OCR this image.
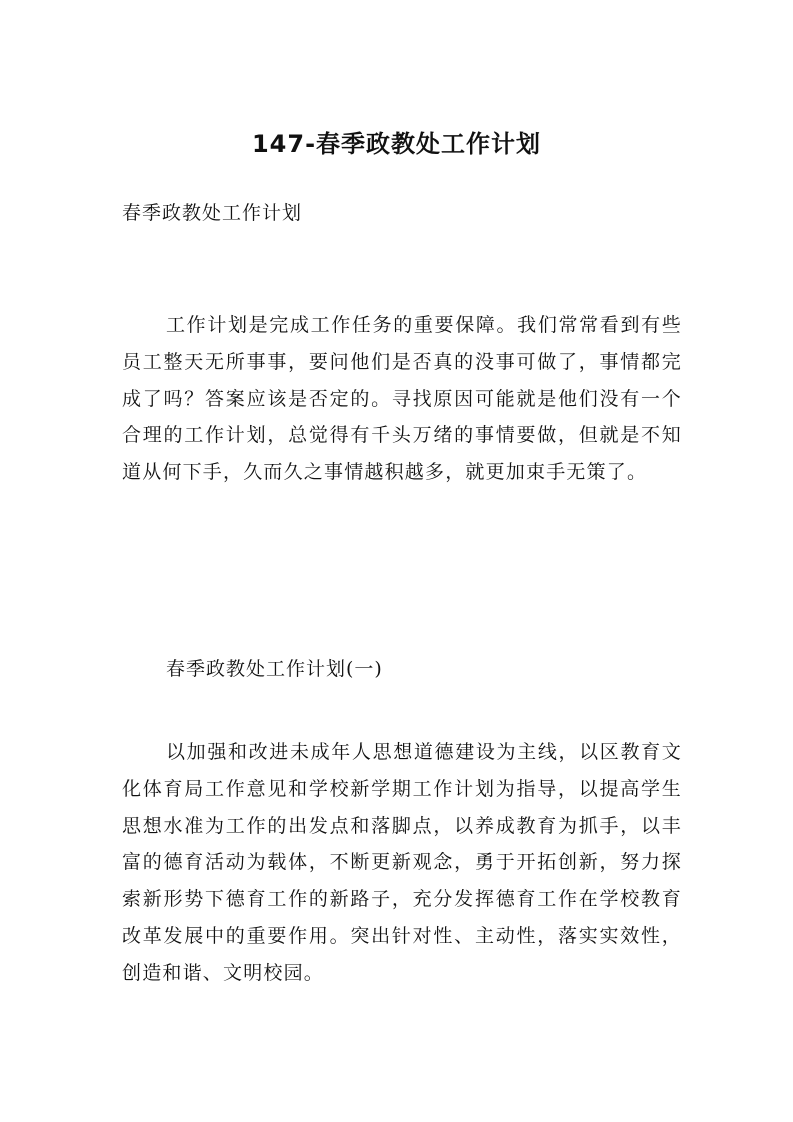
147-春季政教处工作计划
春季政教处工作计划

工作计划是完成工作任务的重要保障。我们常常看到有些员工整天无所事事，要问他们是否真的没事可做了，事情都完成了吗？答案应该是否定的。寻找原因可能就是他们没有一个合理的工作计划，总觉得有千头万绪的事情要做，但就是不知道从何下手，久而久之事情越积越多，就更加束手无策了。

春季政教处工作计划(一)

以加强和改进未成年人思想道德建设为主线，以区教育文化体育局工作意见和学校新学期工作计划为指导，以提高学生思想水准为工作的出发点和落脚点，以养成教育为抓手，以丰富的德育活动为载体，不断更新观念，勇于开拓创新，努力探索新形势下德育工作的新路子，充分发挥德育工作在学校教育改革发展中的重要作用。突出针对性、主动性，落实实效性，创造和谐、文明校园。
